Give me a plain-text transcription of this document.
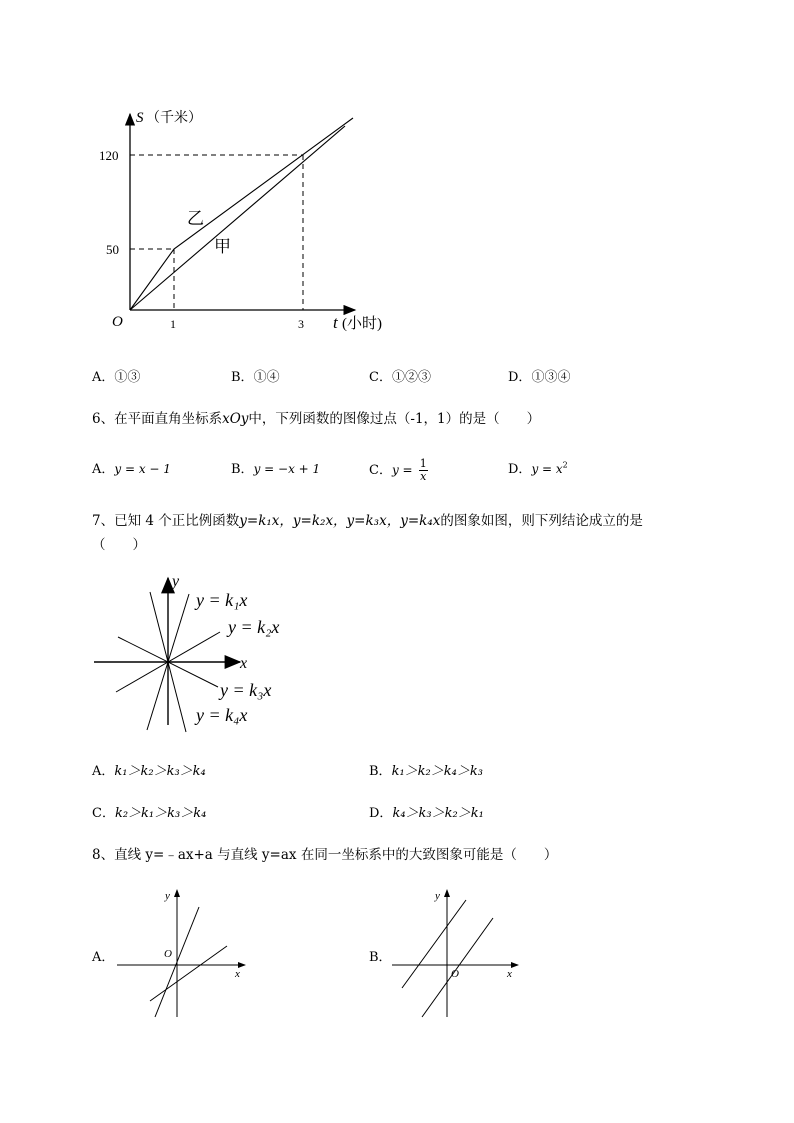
S （千米）
120
50
O	1	3 t (小时)
乙
甲
A．①③	B．①④	C．①②③	D．①③④
6、在平面直角坐标系xOy中，下列函数的图像过点（-1，1）的是（　　）
A．y = x − 1	B．y = −x + 1	C．$y = \frac{1}{x}$	D．$y = x^2$
7、已知 4 个正比例函数y=k₁x，y=k₂x，y=k₃x，y=k₄x的图象如图，则下列结论成立的是
（　　）
y
x
y = k₁x
y = k₂x
y = k₃x
y = k₄x
A．k₁＞k₂＞k₃＞k₄	B．k₁＞k₂＞k₄＞k₃
C．k₂＞k₁＞k₃＞k₄	D．k₄＞k₃＞k₂＞k₁
8、直线 y=﹣ax+a 与直线 y=ax 在同一坐标系中的大致图象可能是（　　）
A．
y
O
x
B．
y
O	x
